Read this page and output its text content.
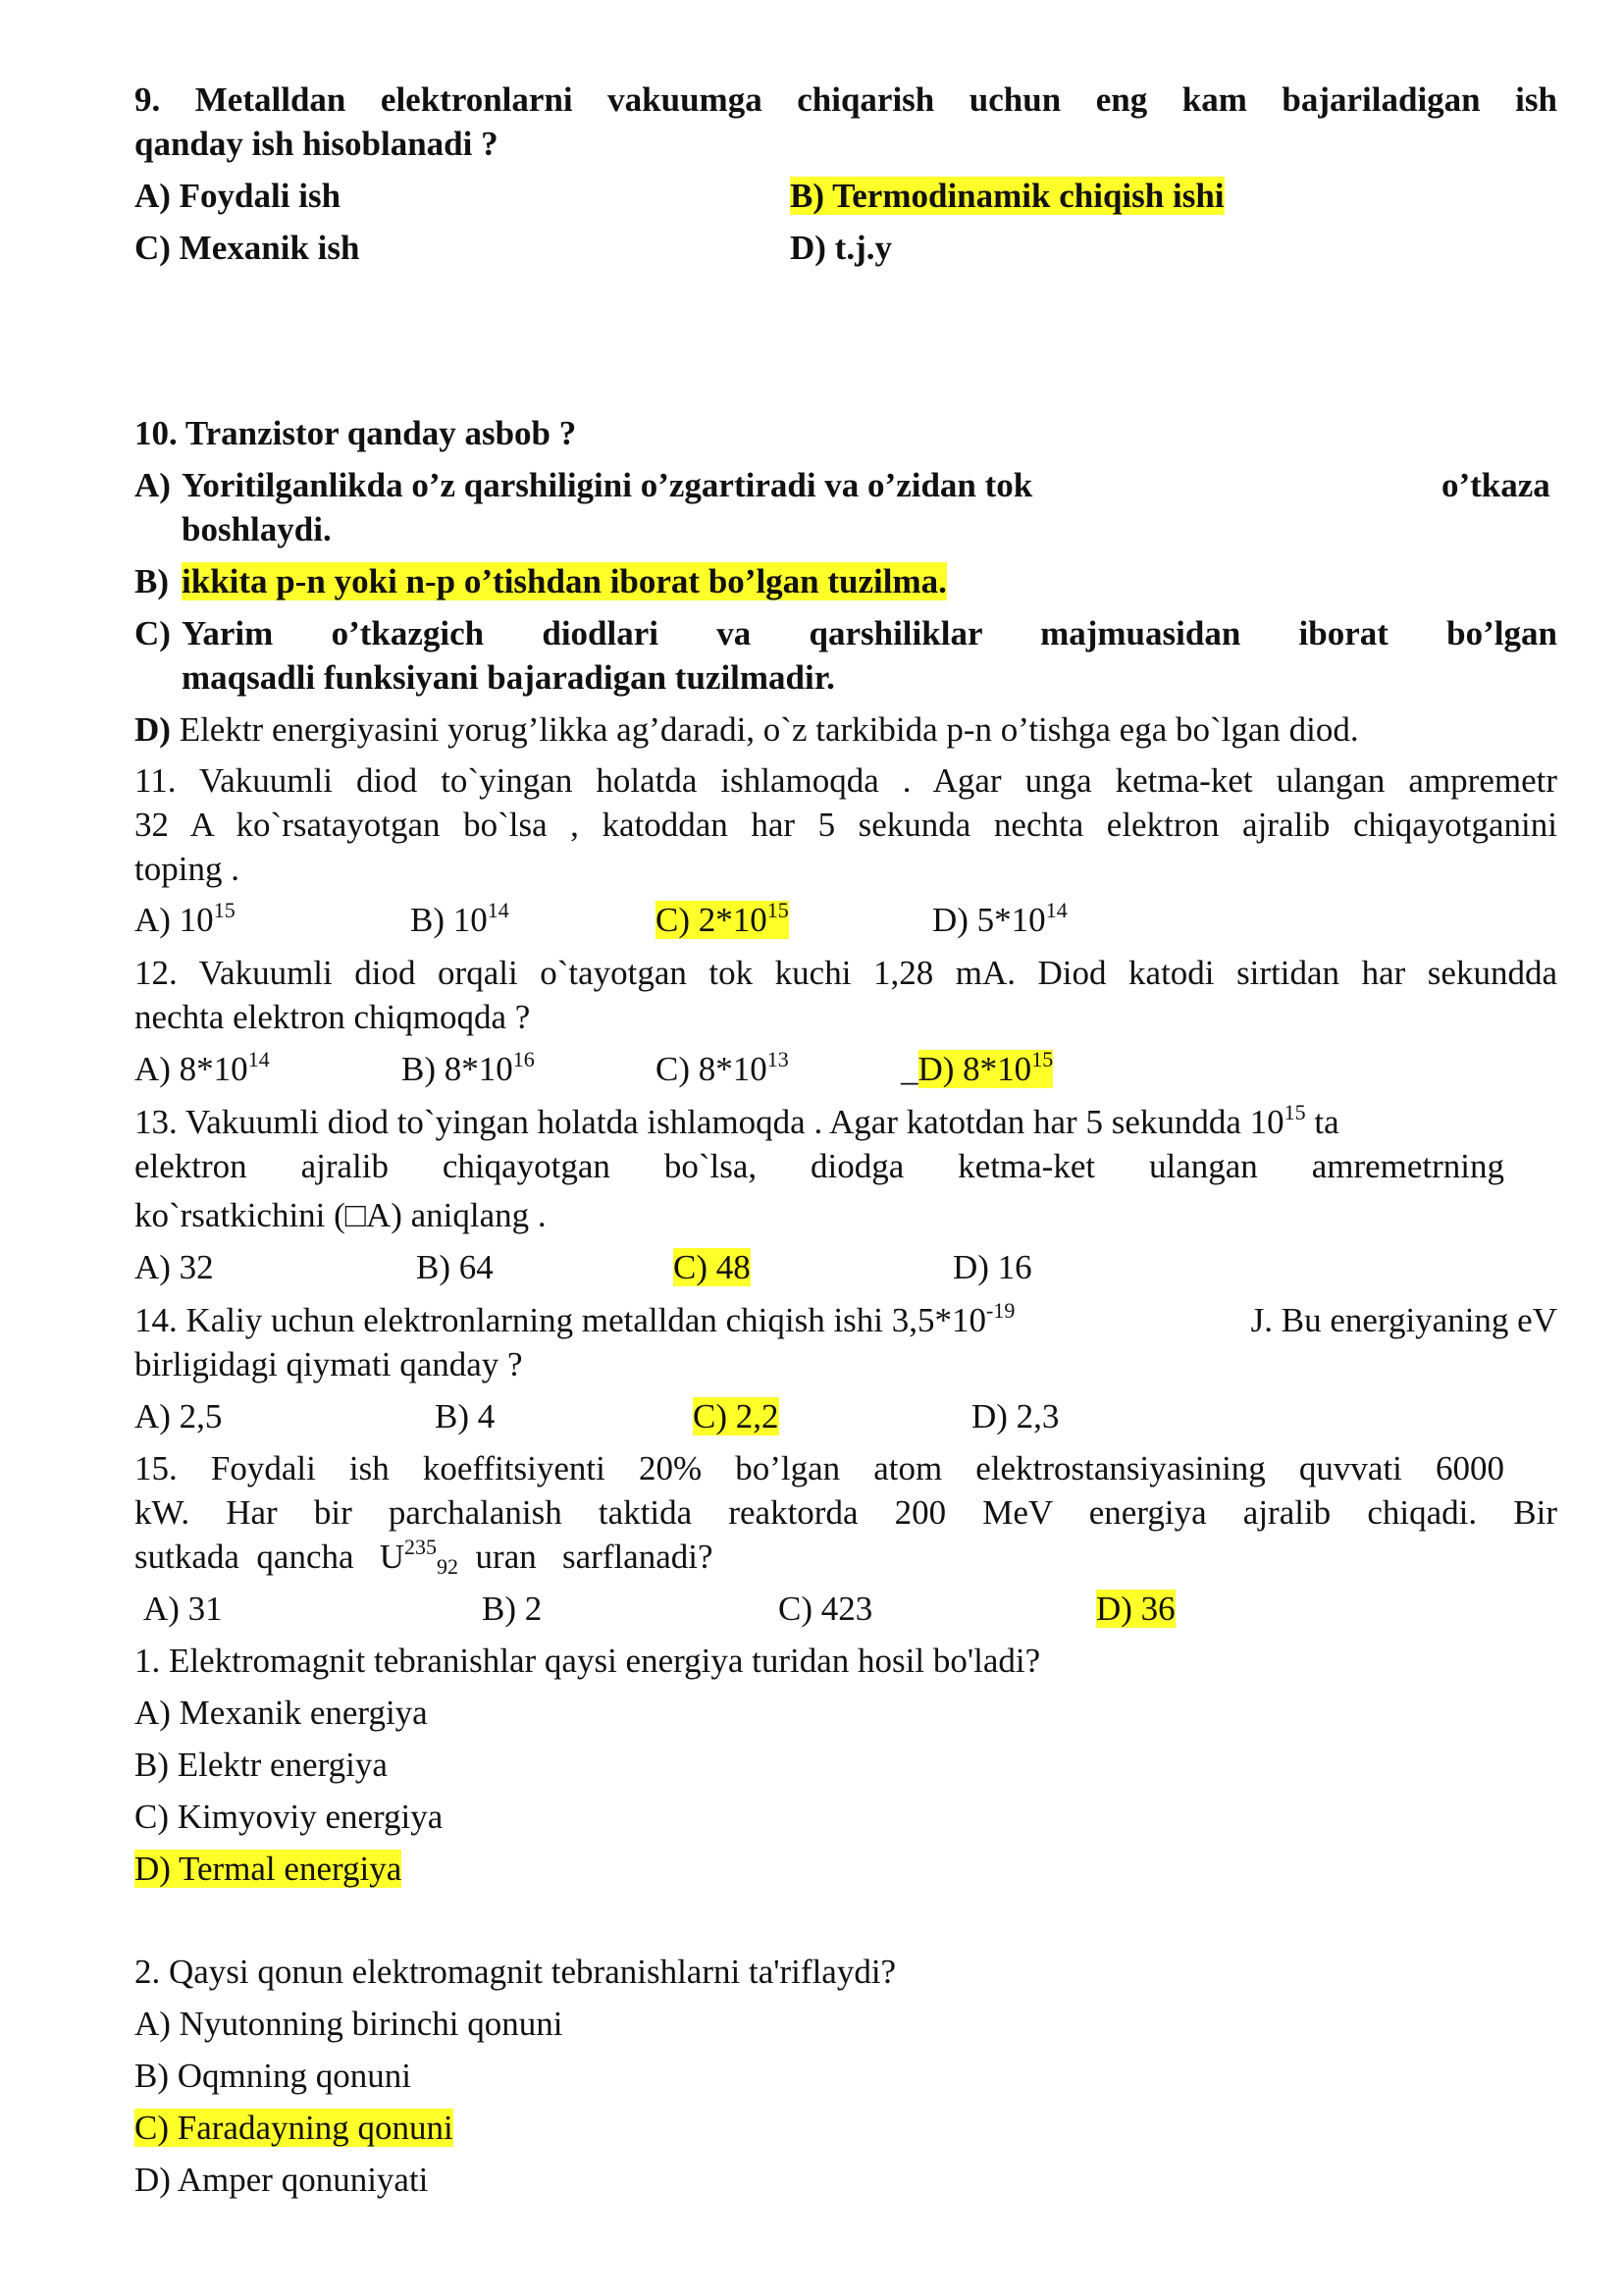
9. Metalldan elektronlarni vakuumga chiqarish uchun eng kam bajariladigan ish
qanday ish hisoblanadi ?
A) Foydali ish	B) Termodinamik chiqish ishi
C) Mexanik ish	D) t.j.y
10. Tranzistor qanday asbob ?
A) Yoritilganlikda o’z qarshiligini o’zgartiradi va o’zidan tok	o’tkaza
boshlaydi.
B) ikkita p-n yoki n-p o’tishdan iborat bo’lgan tuzilma.
C) Yarim o’tkazgich diodlari va qarshiliklar majmuasidan iborat bo’lgan
maqsadli funksiyani bajaradigan tuzilmadir.
D) Elektr energiyasini yorug’likka ag’daradi, o`z tarkibida p-n o’tishga ega bo`lgan diod.
11. Vakuumli diod to`yingan holatda ishlamoqda . Agar unga ketma-ket ulangan ampremetr
32 A ko`rsatayotgan bo`lsa , katoddan har 5 sekunda nechta elektron ajralib chiqayotganini
toping .
A) $10^{15}$	B) $10^{14}$	C) $2*10^{15}$	D) $5*10^{14}$
12. Vakuumli diod orqali o`tayotgan tok kuchi 1,28 mA. Diod katodi sirtidan har sekundda
nechta elektron chiqmoqda ?
A) $8*10^{14}$	B) $8*10^{16}$	C) $8*10^{13}$	_D) $8*10^{15}$
13. Vakuumli diod to`yingan holatda ishlamoqda . Agar katotdan har 5 sekundda $10^{15}$ ta
elektron ajralib chiqayotgan bo`lsa, diodga ketma-ket ulangan amremetrning
ko`rsatkichini (□A) aniqlang .
A) 32	B) 64	C) 48	D) 16
14. Kaliy uchun elektronlarning metalldan chiqish ishi $3,5*10^{-19}$	J. Bu energiyaning eV
birligidagi qiymati qanday ?
A) 2,5	B) 4	C) 2,2	D) 2,3
15. Foydali ish koeffitsiyenti 20% bo’lgan atom elektrostansiyasining quvvati 6000
kW. Har bir parchalanish taktida reaktorda 200 MeV energiya ajralib chiqadi. Bir
sutkada  qancha   $U^{235}_{92}$  uran   sarflanadi?
A) 31	B) 2	C) 423	D) 36
1. Elektromagnit tebranishlar qaysi energiya turidan hosil bo'ladi?
A) Mexanik energiya
B) Elektr energiya
C) Kimyoviy energiya
D) Termal energiya
2. Qaysi qonun elektromagnit tebranishlarni ta'riflaydi?
A) Nyutonning birinchi qonuni
B) Oqmning qonuni
C) Faradayning qonuni
D) Amper qonuniyati
